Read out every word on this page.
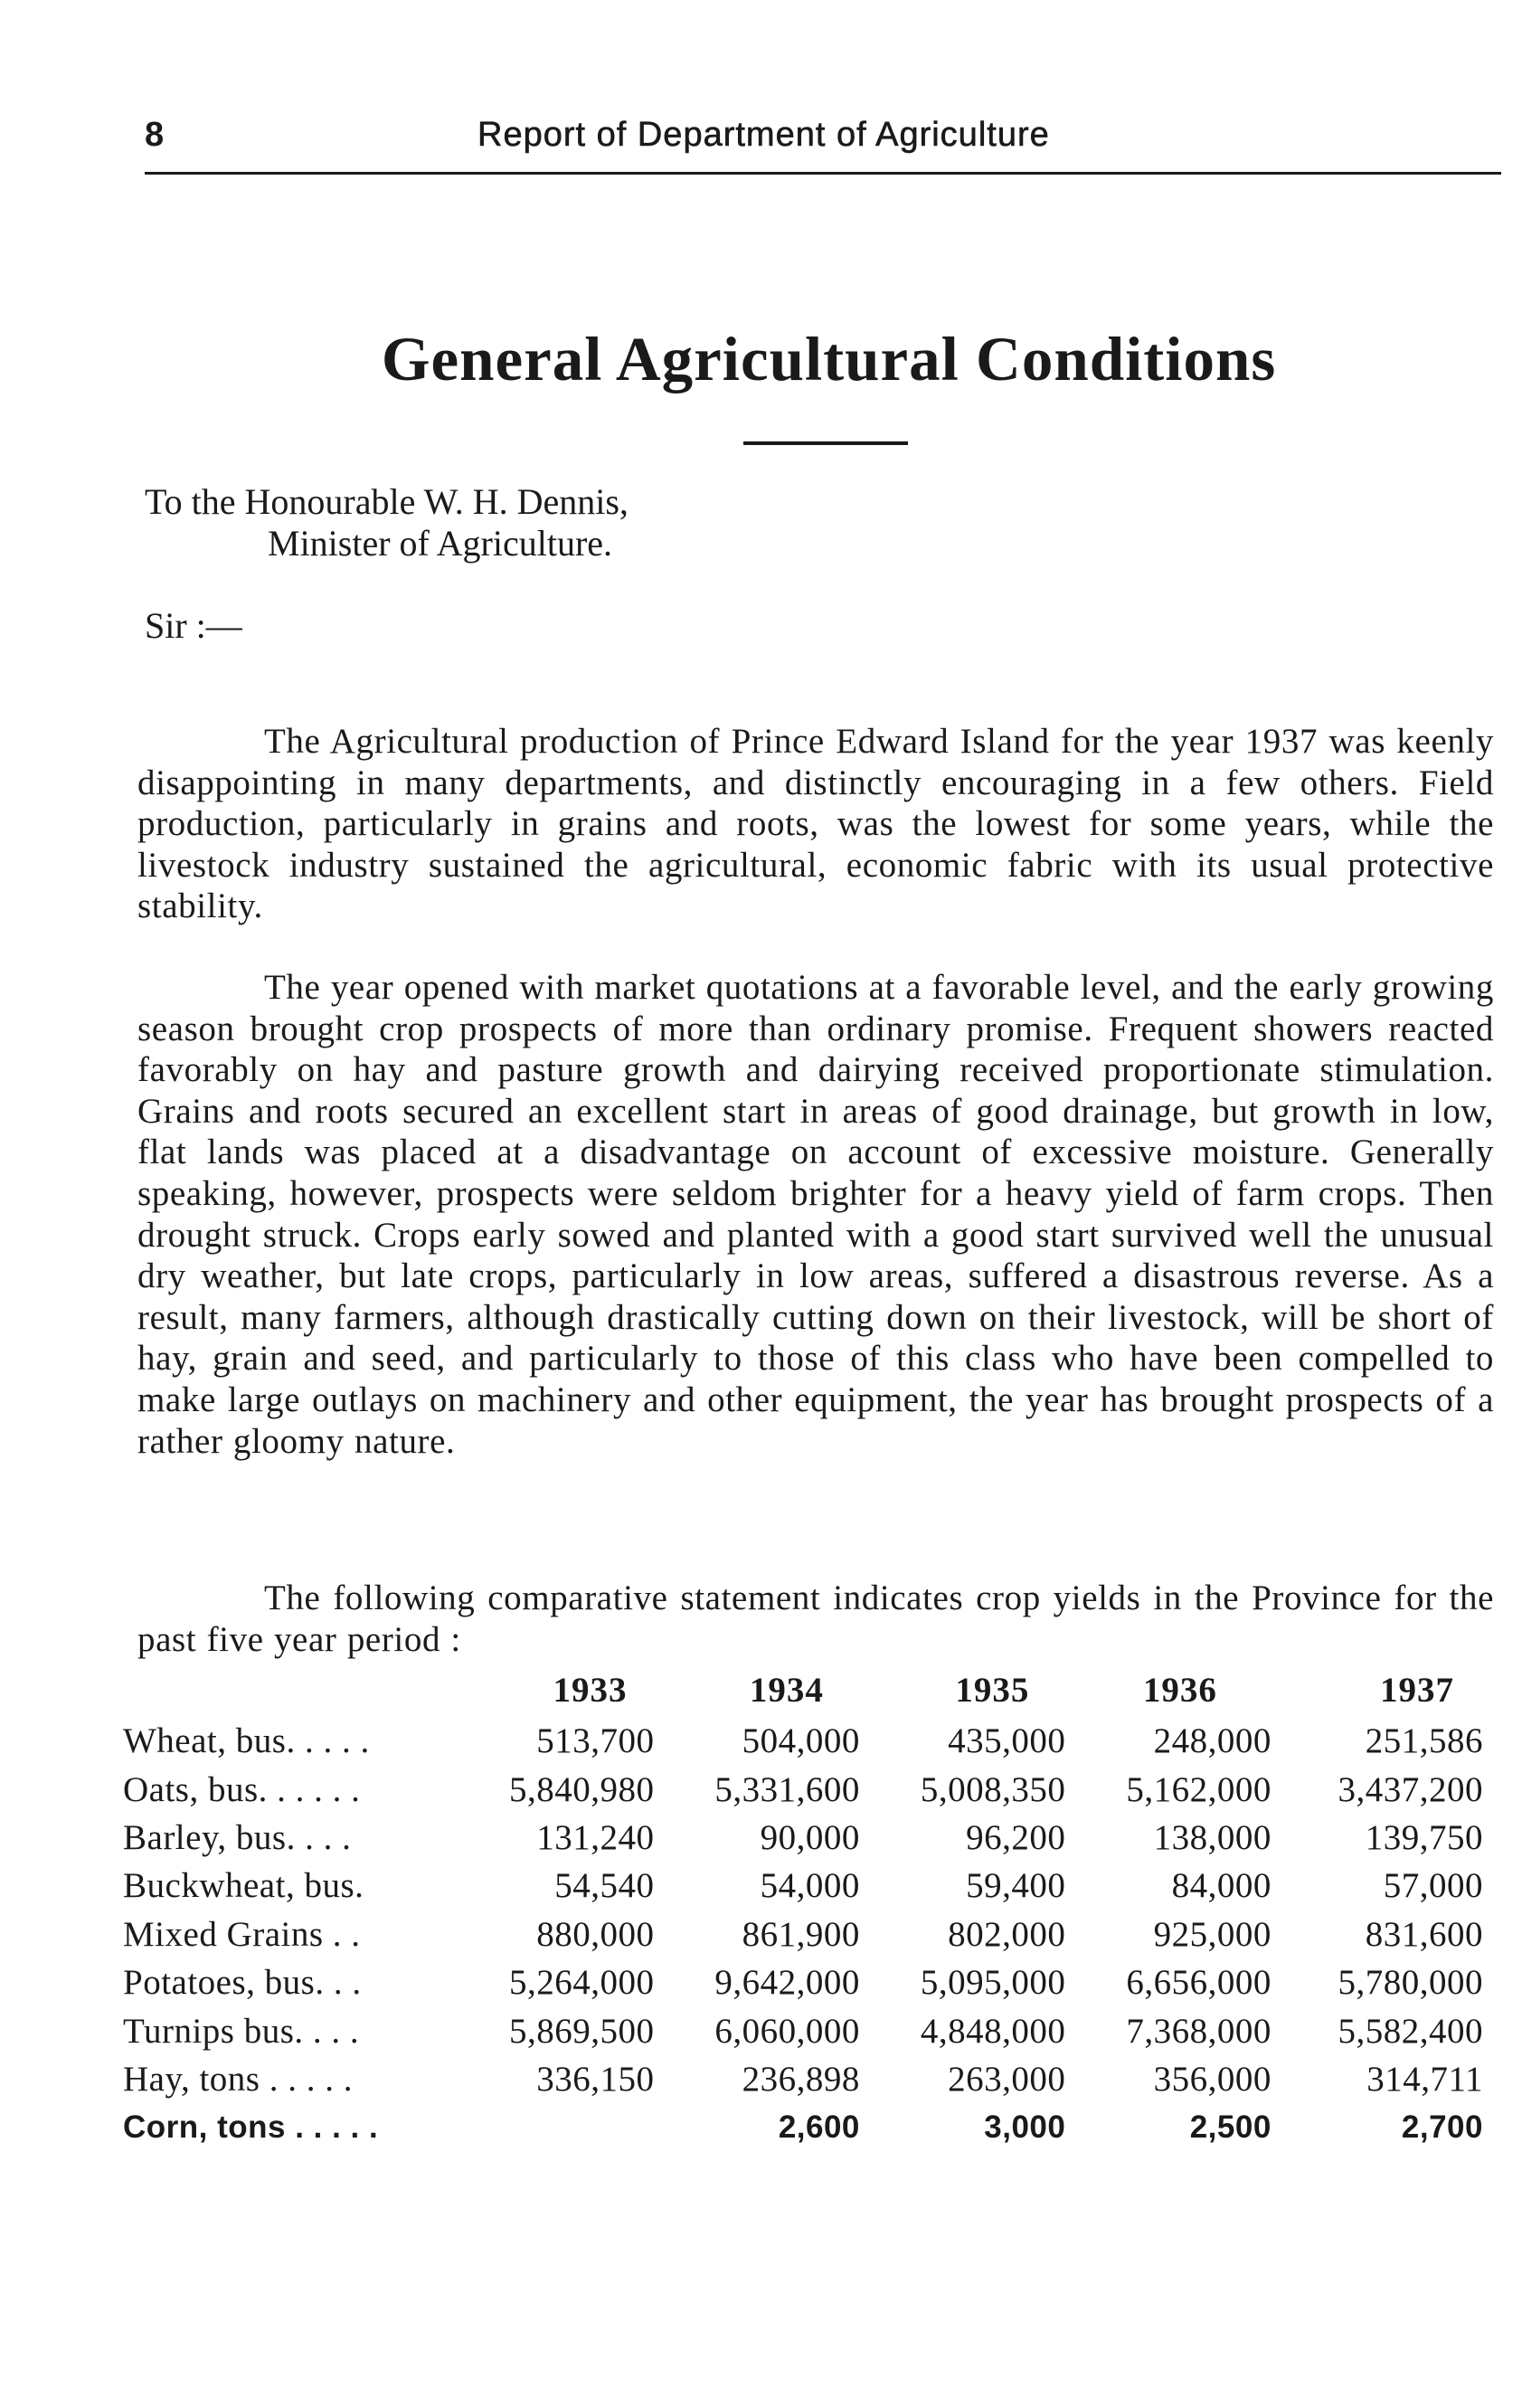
8	Report of Department of Agriculture
General Agricultural Conditions
To the Honourable W. H. Dennis,
Minister of Agriculture.
Sir :—

The Agricultural production of Prince Edward Island for the year 1937 was keenly disappointing in many departments, and distinctly encouraging in a few others. Field production, particularly in grains and roots, was the lowest for some years, while the livestock industry sustained the agricultural, economic fabric with its usual protective stability.

The year opened with market quotations at a favorable level, and the early growing season brought crop prospects of more than ordinary promise. Frequent showers reacted favorably on hay and pasture growth and dairying received proportionate stimulation. Grains and roots secured an excellent start in areas of good drainage, but growth in low, flat lands was placed at a disadvantage on account of excessive moisture. Generally speaking, however, prospects were seldom brighter for a heavy yield of farm crops. Then drought struck. Crops early sowed and planted with a good start survived well the unusual dry weather, but late crops, particularly in low areas, suffered a disastrous reverse. As a result, many farmers, although drastically cutting down on their livestock, will be short of hay, grain and seed, and particularly to those of this class who have been compelled to make large outlays on machinery and other equipment, the year has brought prospects of a rather gloomy nature.

The following comparative statement indicates crop yields in the Province for the past five year period :

	1933	1934	1935	1936	1937
Wheat, bus. . . . .	513,700	504,000	435,000	248,000	251,586
Oats, bus. . . . . .	5,840,980	5,331,600	5,008,350	5,162,000	3,437,200
Barley, bus. . . .	131,240	90,000	96,200	138,000	139,750
Buckwheat, bus.	54,540	54,000	59,400	84,000	57,000
Mixed Grains . .	880,000	861,900	802,000	925,000	831,600
Potatoes, bus. . .	5,264,000	9,642,000	5,095,000	6,656,000	5,780,000
Turnips bus. . . .	5,869,500	6,060,000	4,848,000	7,368,000	5,582,400
Hay, tons . . . . .	336,150	236,898	263,000	356,000	314,711
Corn, tons . . . . .		2,600	3,000	2,500	2,700
